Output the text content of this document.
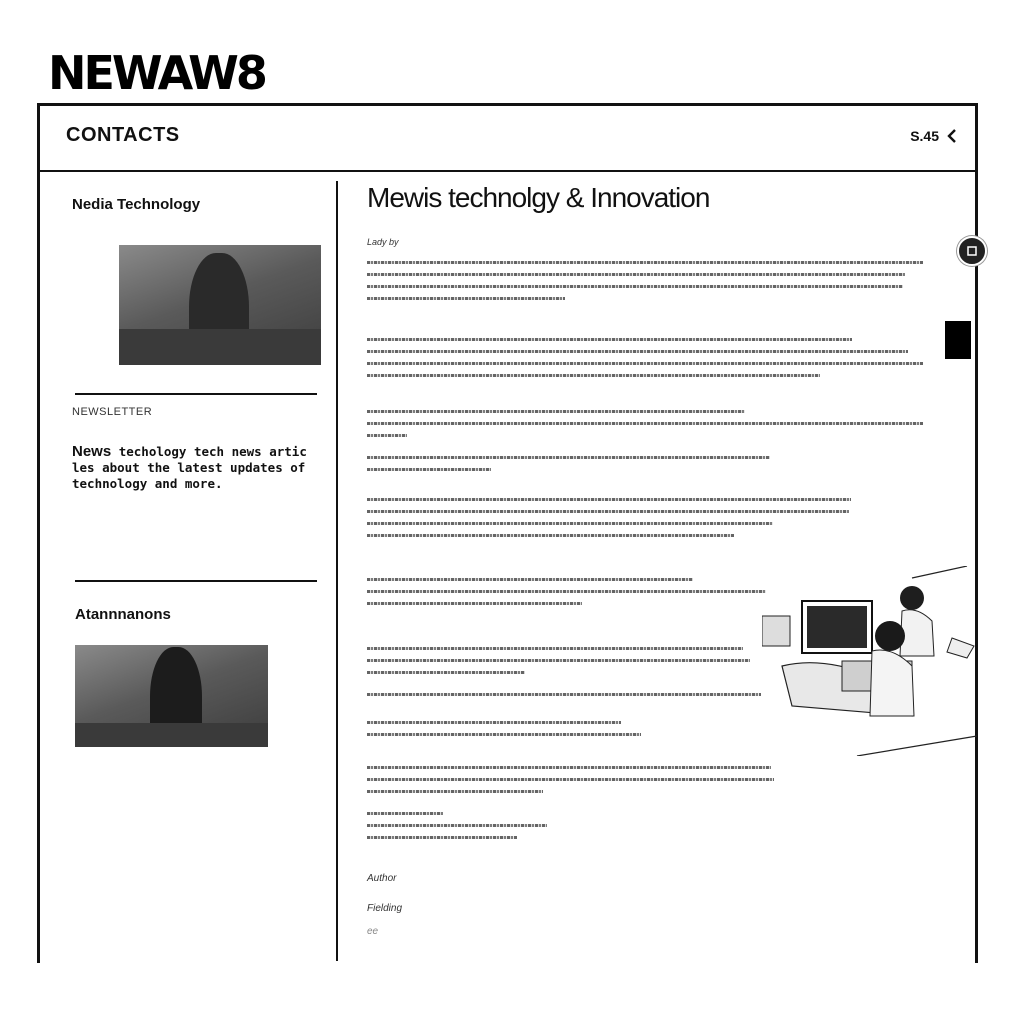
NEWAW8
CONTACTS	S.45
Nedia Technology
NEWSLETTER
News techology tech news articles about the latest updates of technology and more.
Atannnanons
Mewis technolgy & Innovation
Lady by
Author
Fielding
ee
